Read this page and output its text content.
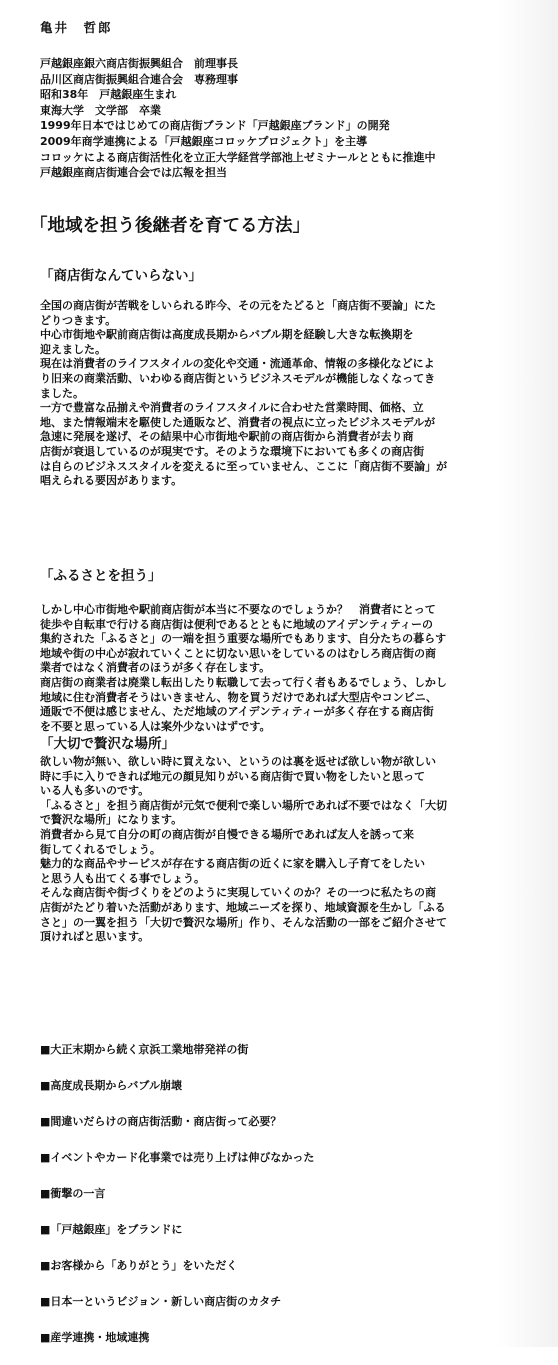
亀井　哲郎
戸越銀座銀六商店街振興組合　前理事長
品川区商店街振興組合連合会　専務理事
昭和38年　戸越銀座生まれ
東海大学　文学部　卒業
1999年日本ではじめての商店街ブランド「戸越銀座ブランド」の開発
2009年商学連携による「戸越銀座コロッケプロジェクト」を主導
コロッケによる商店街活性化を立正大学経営学部池上ゼミナールとともに推進中
戸越銀座商店街連合会では広報を担当
「地域を担う後継者を育てる方法」
「商店街なんていらない」
全国の商店街が苦戦をしいられる昨今、その元をたどると「商店街不要論」にた
どりつきます。
中心市街地や駅前商店街は高度成長期からバブル期を経験し大きな転換期を
迎えました。
現在は消費者のライフスタイルの変化や交通・流通革命、情報の多様化などによ
り旧来の商業活動、いわゆる商店街というビジネスモデルが機能しなくなってき
ました。
一方で豊富な品揃えや消費者のライフスタイルに合わせた営業時間、価格、立
地、また情報端末を駆使した通販など、消費者の視点に立ったビジネスモデルが
急速に発展を遂げ、その結果中心市街地や駅前の商店街から消費者が去り商
店街が衰退しているのが現実です。そのような環境下においても多くの商店街
は自らのビジネススタイルを変えるに至っていません、ここに「商店街不要論」が
唱えられる要因があります。
「ふるさとを担う」
しかし中心市街地や駅前商店街が本当に不要なのでしょうか？　消費者にとって
徒歩や自転車で行ける商店街は便利であるとともに地域のアイデンティティーの
集約された「ふるさと」の一端を担う重要な場所でもあります、自分たちの暮らす
地域や街の中心が寂れていくことに切ない思いをしているのはむしろ商店街の商
業者ではなく消費者のほうが多く存在します。
商店街の商業者は廃業し転出したり転職して去って行く者もあるでしょう、しかし
地域に住む消費者そうはいきません、物を買うだけであれば大型店やコンビニ、
通販で不便は感じません、ただ地域のアイデンティティーが多く存在する商店街
を不要と思っている人は案外少ないはずです。
「大切で贅沢な場所」
欲しい物が無い、欲しい時に買えない、というのは裏を返せば欲しい物が欲しい
時に手に入りできれば地元の顔見知りがいる商店街で買い物をしたいと思って
いる人も多いのです。
「ふるさと」を担う商店街が元気で便利で楽しい場所であれば不要ではなく「大切
で贅沢な場所」になります。
消費者から見て自分の町の商店街が自慢できる場所であれば友人を誘って来
街してくれるでしょう。
魅力的な商品やサービスが存在する商店街の近くに家を購入し子育てをしたい
と思う人も出てくる事でしょう。
そんな商店街や街づくりをどのように実現していくのか？その一つに私たちの商
店街がたどり着いた活動があります、地域ニーズを探り、地域資源を生かし「ふる
さと」の一翼を担う「大切で贅沢な場所」作り、そんな活動の一部をご紹介させて
頂ければと思います。
■大正末期から続く京浜工業地帯発祥の街
■高度成長期からバブル崩壊
■間違いだらけの商店街活動・商店街って必要？
■イベントやカード化事業では売り上げは伸びなかった
■衝撃の一言
■「戸越銀座」をブランドに
■お客様から「ありがとう」をいただく
■日本一というビジョン・新しい商店街のカタチ
■産学連携・地域連携
